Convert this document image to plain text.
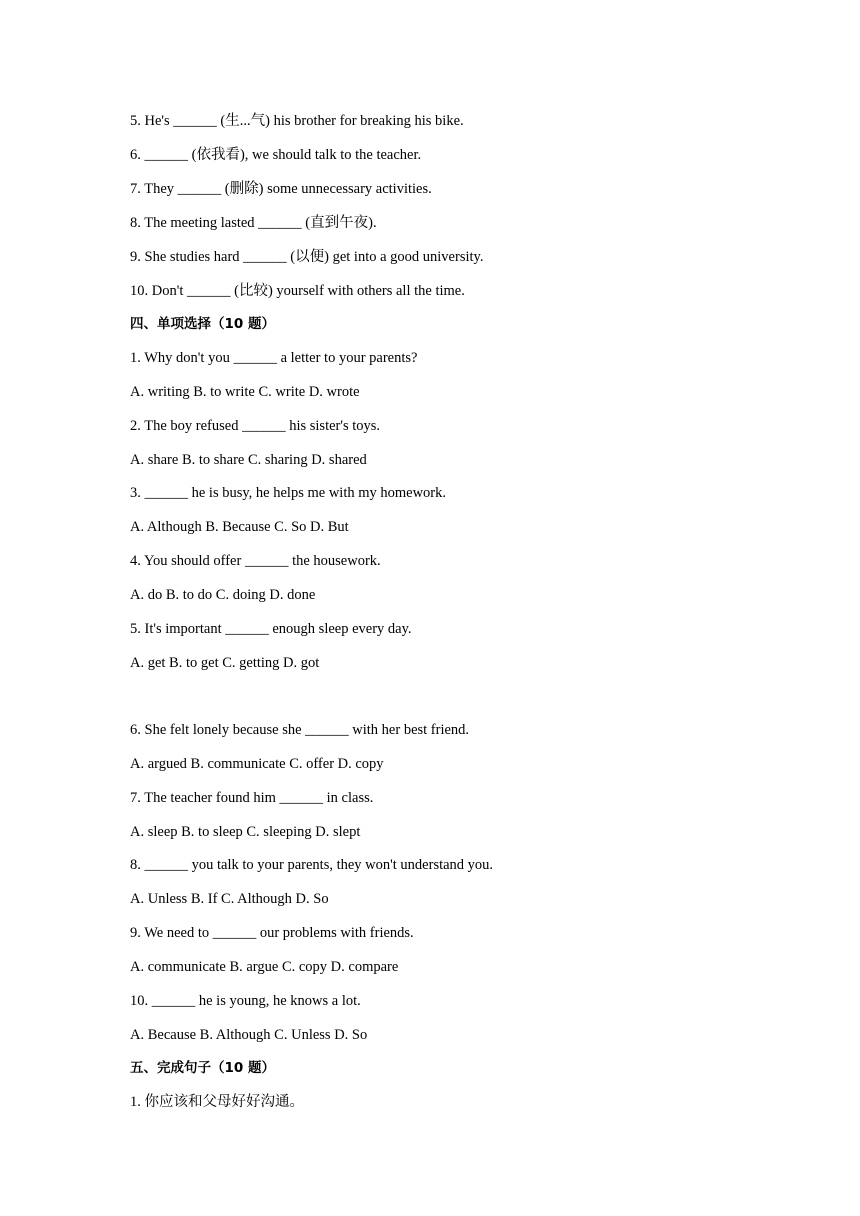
5. He's ______ (生...气) his brother for breaking his bike.
6. ______ (依我看), we should talk to the teacher.
7. They ______ (删除) some unnecessary activities.
8. The meeting lasted ______ (直到午夜).
9. She studies hard ______ (以便) get into a good university.
10. Don't ______ (比较) yourself with others all the time.
四、单项选择（10 题）
1. Why don't you ______ a letter to your parents?
A. writing B. to write C. write D. wrote
2. The boy refused ______ his sister's toys.
A. share B. to share C. sharing D. shared
3. ______ he is busy, he helps me with my homework.
A. Although B. Because C. So D. But
4. You should offer ______ the housework.
A. do B. to do C. doing D. done
5. It's important ______ enough sleep every day.
A. get B. to get C. getting D. got
6. She felt lonely because she ______ with her best friend.
A. argued B. communicate C. offer D. copy
7. The teacher found him ______ in class.
A. sleep B. to sleep C. sleeping D. slept
8. ______ you talk to your parents, they won't understand you.
A. Unless B. If C. Although D. So
9. We need to ______ our problems with friends.
A. communicate B. argue C. copy D. compare
10. ______ he is young, he knows a lot.
A. Because B. Although C. Unless D. So
五、完成句子（10 题）
1. 你应该和父母好好沟通。
